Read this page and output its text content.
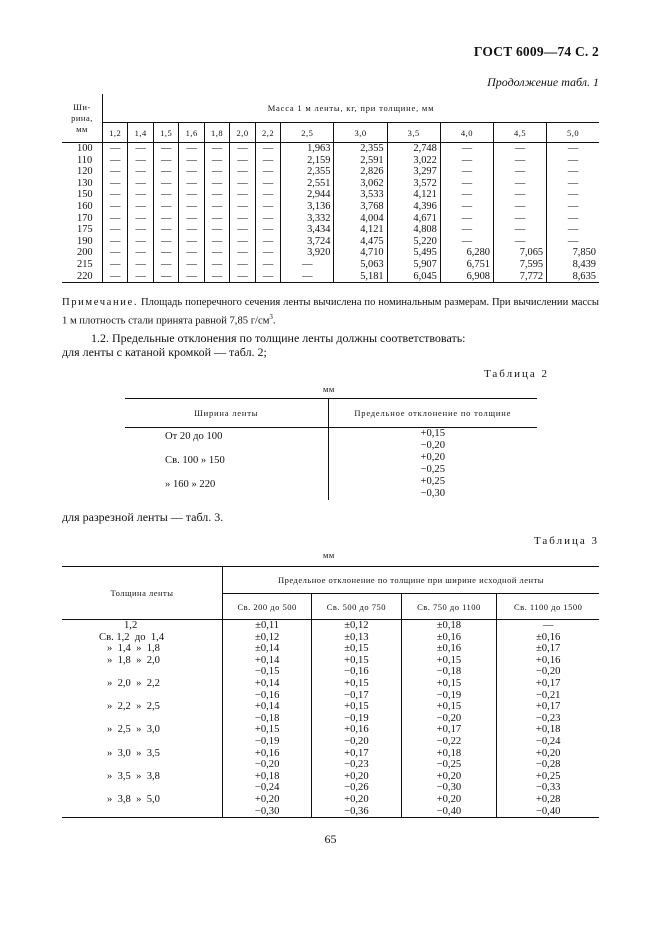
ГОСТ 6009—74 С. 2
Продолжение табл. 1
Ши-
рина,
мм	Масса 1 м ленты, кг, при толщине, мм												
	1,2	1,4	1,5	1,6	1,8	2,0	2,2	2,5	3,0	3,5	4,0	4,5	5,0
100	—	—	—	—	—	—	—	1,963	2,355	2,748	—	—	—
110	—	—	—	—	—	—	—	2,159	2,591	3,022	—	—	—
120	—	—	—	—	—	—	—	2,355	2,826	3,297	—	—	—
130	—	—	—	—	—	—	—	2,551	3,062	3,572	—	—	—
150	—	—	—	—	—	—	—	2,944	3,533	4,121	—	—	—
160	—	—	—	—	—	—	—	3,136	3,768	4,396	—	—	—
170	—	—	—	—	—	—	—	3,332	4,004	4,671	—	—	—
175	—	—	—	—	—	—	—	3,434	4,121	4,808	—	—	—
190	—	—	—	—	—	—	—	3,724	4,475	5,220	—	—	—
200	—	—	—	—	—	—	—	3,920	4,710	5,495	6,280	7,065	7,850
215	—	—	—	—	—	—	—	—	5,063	5,907	6,751	7,595	8,439
220	—	—	—	—	—	—	—	—	5,181	6,045	6,908	7,772	8,635
Примечание. Площадь поперечного сечения ленты вычислена по номинальным размерам. При вычислении массы 1 м плотность стали принята равной 7,85 $г/см^3$.
1.2. Предельные отклонения по толщине ленты должны соответствовать:
для ленты с катаной кромкой — табл. 2;
Таблица 2
мм
Ширина ленты	Предельное отклонение по толщине
От 20 до 100	+0,15
−0,20

Св. 100 » 150	+0,20
−0,25

» 160 » 220	+0,25
−0,30
для разрезной ленты — табл. 3.
Таблица 3
мм
Толщина ленты	Предельное отклонение по толщине при ширине исходной ленты			
	Св. 200 до 500	Св. 500 до 750	Св. 750 до 1100	Св. 1100 до 1500
1,2	±0,11	±0,12	±0,18	—
Св. 1,2  до  1,4	±0,12	±0,13	±0,16	±0,16
»  1,4  »  1,8	±0,14	±0,15	±0,16	±0,17
»  1,8  »  2,0	+0,14	+0,15	+0,15	+0,16
	−0,15	−0,16	−0,18	−0,20
»  2,0  »  2,2	+0,14	+0,15	+0,15	+0,17
	−0,16	−0,17	−0,19	−0,21
»  2,2  »  2,5	+0,14	+0,15	+0,15	+0,17
	−0,18	−0,19	−0,20	−0,23
»  2,5  »  3,0	+0,15	+0,16	+0,17	+0,18
	−0,19	−0,20	−0,22	−0,24
»  3,0  »  3,5	+0,16	+0,17	+0,18	+0,20
	−0,20	−0,23	−0,25	−0,28
»  3,5  »  3,8	+0,18	+0,20	+0,20	+0,25
	−0,24	−0,26	−0,30	−0,33
»  3,8  »  5,0	+0,20	+0,20	+0,20	+0,28
	−0,30	−0,36	−0,40	−0,40
65
